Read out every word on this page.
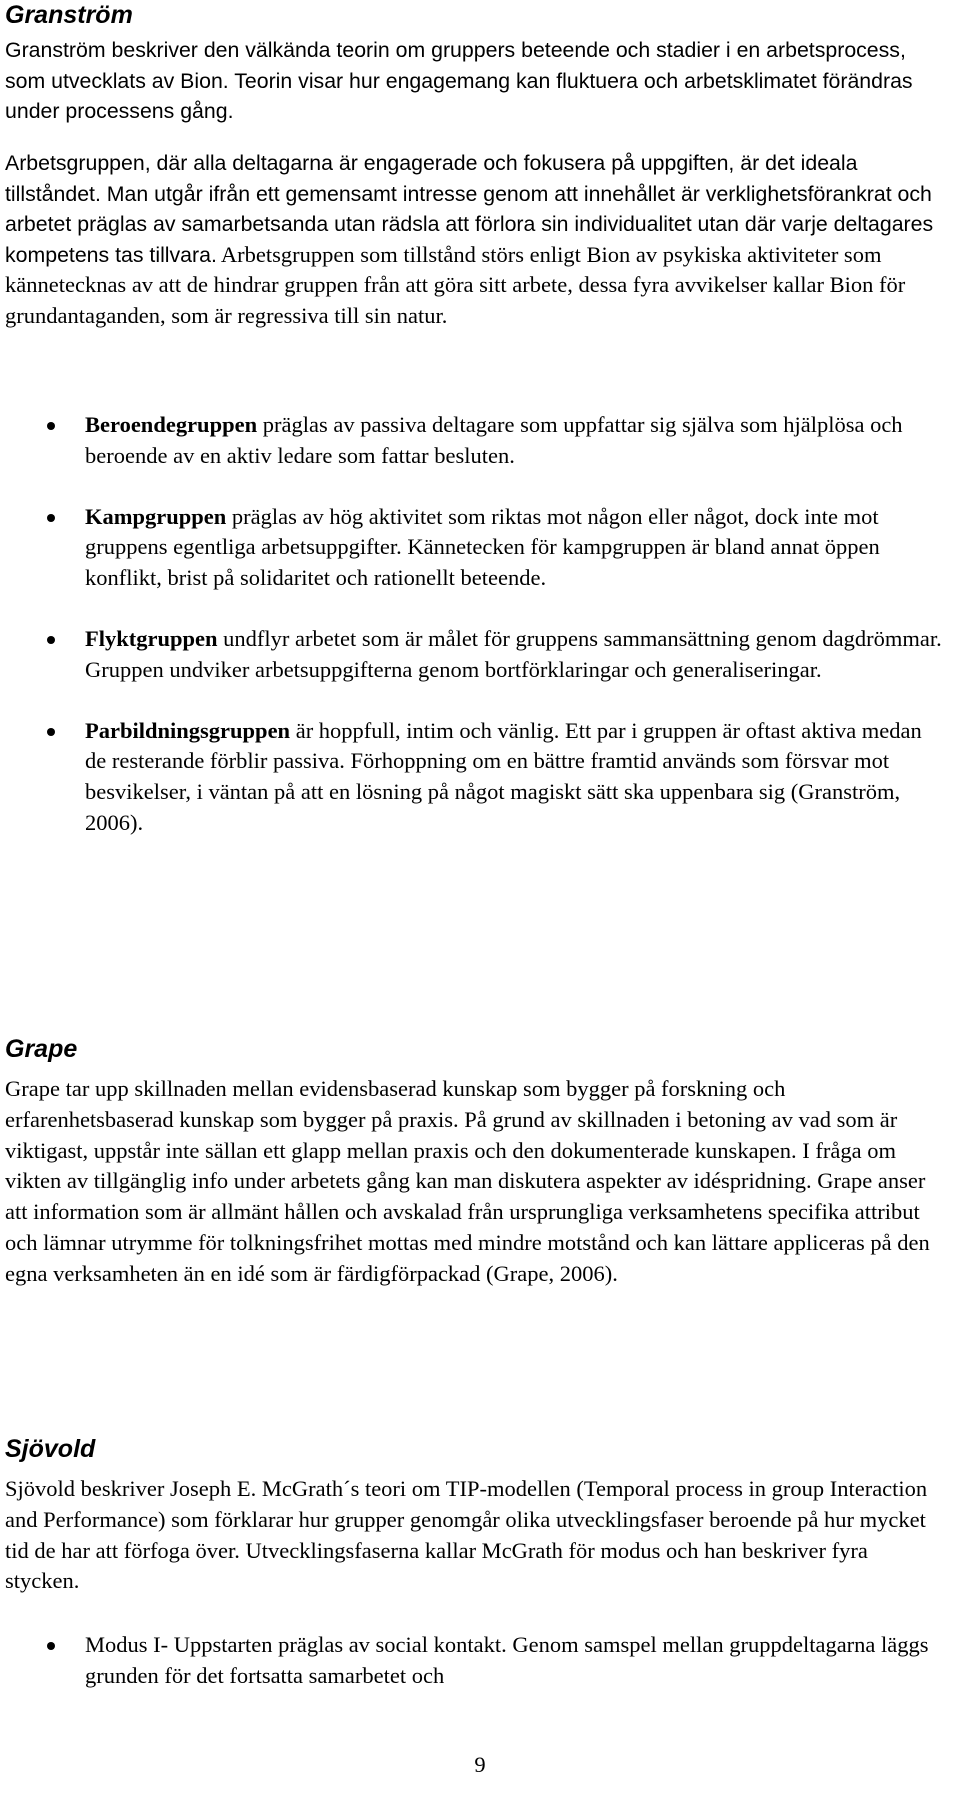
Granström

Granström beskriver den välkända teorin om gruppers beteende och stadier i en arbetsprocess, som utvecklats av Bion. Teorin visar hur engagemang kan fluktuera och arbetsklimatet förändras under processens gång.

Arbetsgruppen, där alla deltagarna är engagerade och fokusera på uppgiften, är det ideala tillståndet. Man utgår ifrån ett gemensamt intresse genom att innehållet är verklighetsförankrat och arbetet präglas av samarbetsanda utan rädsla att förlora sin individualitet utan där varje deltagares kompetens tas tillvara. Arbetsgruppen som tillstånd störs enligt Bion av psykiska aktiviteter som kännetecknas av att de hindrar gruppen från att göra sitt arbete, dessa fyra avvikelser kallar Bion för grundantaganden, som är regressiva till sin natur.

Beroendegruppen präglas av passiva deltagare som uppfattar sig själva som hjälplösa och beroende av en aktiv ledare som fattar besluten.
Kampgruppen präglas av hög aktivitet som riktas mot någon eller något, dock inte mot gruppens egentliga arbetsuppgifter. Kännetecken för kampgruppen är bland annat öppen konflikt, brist på solidaritet och rationellt beteende.
Flyktgruppen undflyr arbetet som är målet för gruppens sammansättning genom dagdrömmar. Gruppen undviker arbetsuppgifterna genom bortförklaringar och generaliseringar.
Parbildningsgruppen är hoppfull, intim och vänlig. Ett par i gruppen är oftast aktiva medan de resterande förblir passiva. Förhoppning om en bättre framtid används som försvar mot besvikelser, i väntan på att en lösning på något magiskt sätt ska uppenbara sig (Granström, 2006).
Grape

Grape tar upp skillnaden mellan evidensbaserad kunskap som bygger på forskning och erfarenhetsbaserad kunskap som bygger på praxis. På grund av skillnaden i betoning av vad som är viktigast, uppstår inte sällan ett glapp mellan praxis och den dokumenterade kunskapen. I fråga om vikten av tillgänglig info under arbetets gång kan man diskutera aspekter av idéspridning. Grape anser att information som är allmänt hållen och avskalad från ursprungliga verksamhetens specifika attribut och lämnar utrymme för tolkningsfrihet mottas med mindre motstånd och kan lättare appliceras på den egna verksamheten än en idé som är färdigförpackad (Grape, 2006).

Sjövold

Sjövold beskriver Joseph E. McGrath´s teori om TIP-modellen (Temporal process in group Interaction and Performance) som förklarar hur grupper genomgår olika utvecklingsfaser beroende på hur mycket tid de har att förfoga över. Utvecklingsfaserna kallar McGrath för modus och han beskriver fyra stycken.

Modus I- Uppstarten präglas av social kontakt. Genom samspel mellan gruppdeltagarna läggs grunden för det fortsatta samarbetet och
9
